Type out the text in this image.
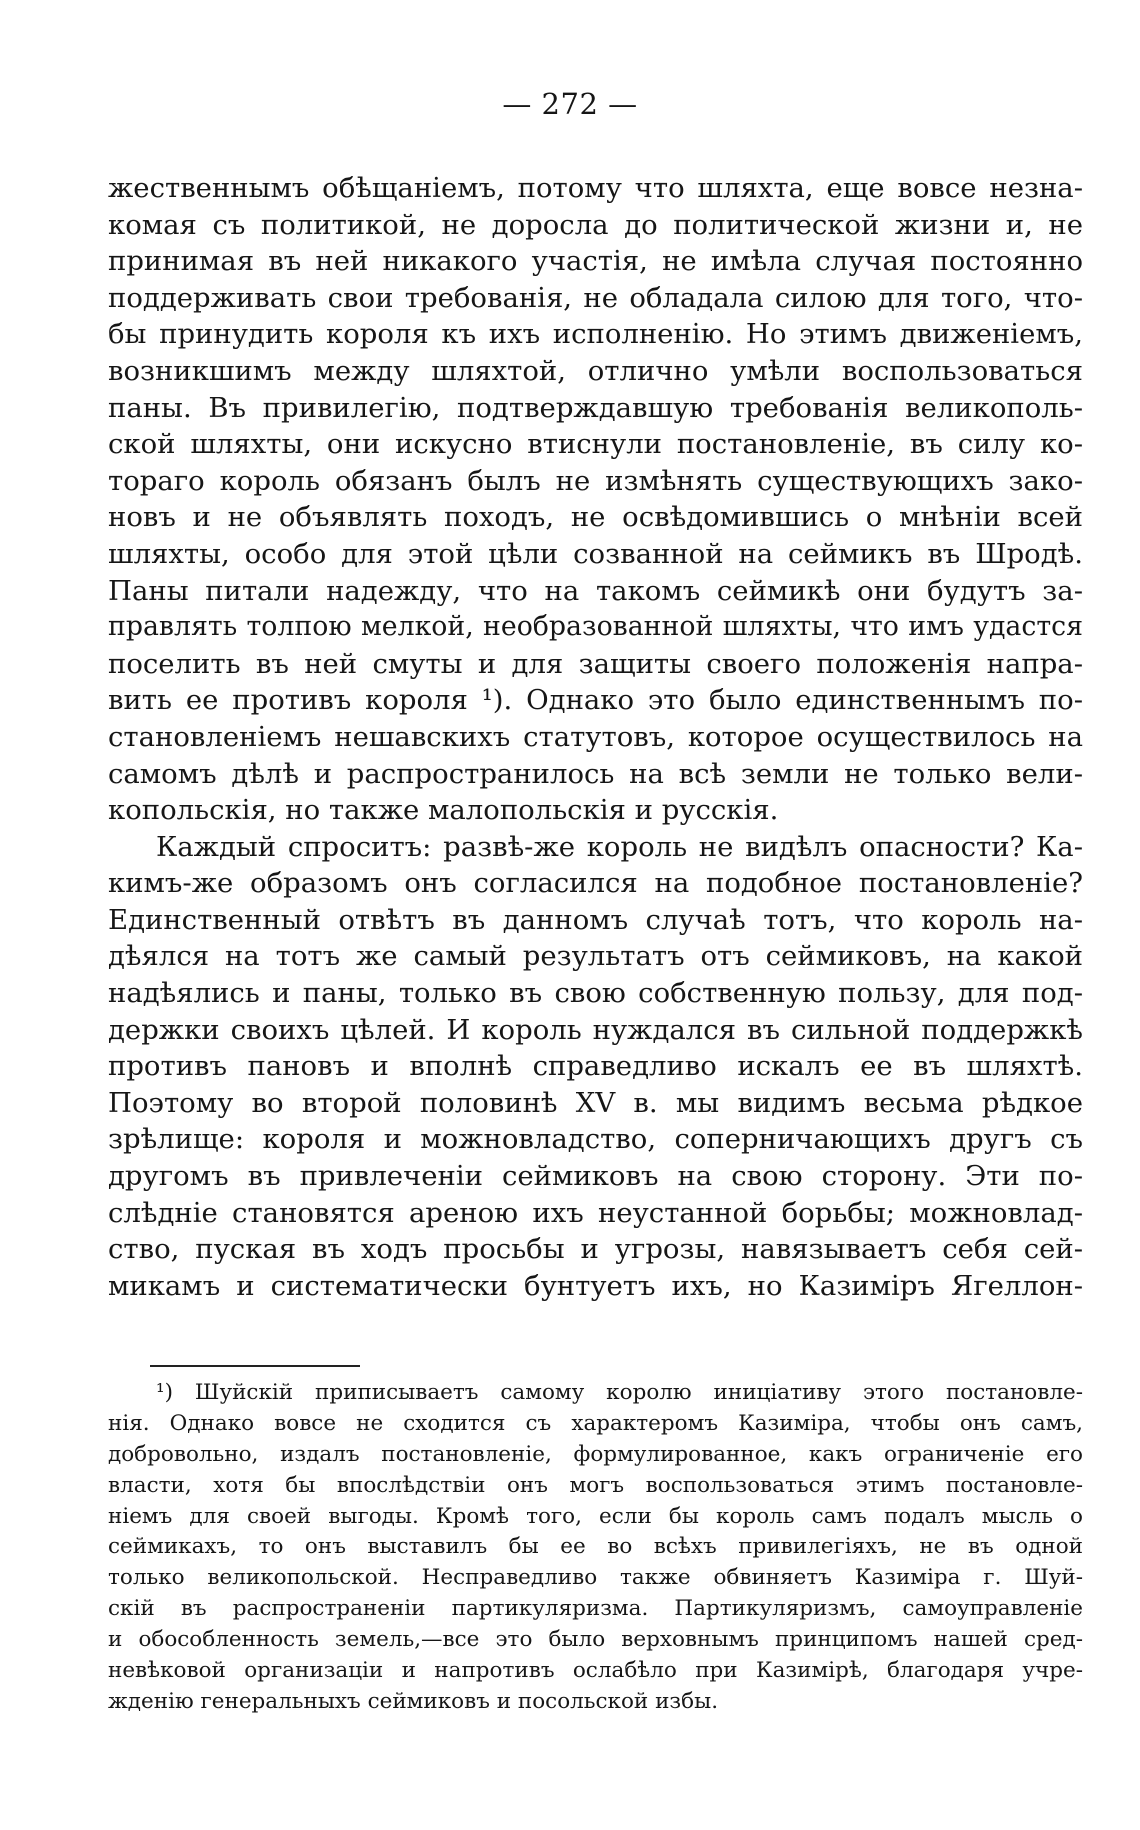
— 272 —
жественнымъ обѣщаніемъ, потому что шляхта, еще вовсе незна-
комая съ политикой, не доросла до политической жизни и, не
принимая въ ней никакого участія, не имѣла случая постоянно
поддерживать свои требованія, не обладала силою для того, что-
бы принудить короля къ ихъ исполненію. Но этимъ движеніемъ,
возникшимъ между шляхтой, отлично умѣли воспользоваться
паны. Въ привилегію, подтверждавшую требованія великополь-
ской шляхты, они искусно втиснули постановленіе, въ силу ко-
тораго король обязанъ былъ не измѣнять существующихъ зако-
новъ и не объявлять походъ, не освѣдомившись о мнѣніи всей
шляхты, особо для этой цѣли созванной на сеймикъ въ Шродѣ.
Паны питали надежду, что на такомъ сеймикѣ они будутъ за-
правлять толпою мелкой, необразованной шляхты, что имъ удастся
поселить въ ней смуты и для защиты своего положенія напра-
вить ее противъ короля ¹). Однако это было единственнымъ по-
становленіемъ нешавскихъ статутовъ, которое осуществилось на
самомъ дѣлѣ и распространилось на всѣ земли не только вели-
копольскія, но также малопольскія и русскія.
Каждый спроситъ: развѣ-же король не видѣлъ опасности? Ка-
кимъ-же образомъ онъ согласился на подобное постановленіе?
Единственный отвѣтъ въ данномъ случаѣ тотъ, что король на-
дѣялся на тотъ же самый результатъ отъ сеймиковъ, на какой
надѣялись и паны, только въ свою собственную пользу, для под-
держки своихъ цѣлей. И король нуждался въ сильной поддержкѣ
противъ пановъ и вполнѣ справедливо искалъ ее въ шляхтѣ.
Поэтому во второй половинѣ XV в. мы видимъ весьма рѣдкое
зрѣлище: короля и можновладство, соперничающихъ другъ съ
другомъ въ привлеченіи сеймиковъ на свою сторону. Эти по-
слѣдніе становятся ареною ихъ неустанной борьбы; можновлад-
ство, пуская въ ходъ просьбы и угрозы, навязываетъ себя сей-
микамъ и систематически бунтуетъ ихъ, но Казиміръ Ягеллон-
¹) Шуйскій приписываетъ самому королю иниціативу этого постановле-
нія. Однако вовсе не сходится съ характеромъ Казиміра, чтобы онъ самъ,
добровольно, издалъ постановленіе, формулированное, какъ ограниченіе его
власти, хотя бы впослѣдствіи онъ могъ воспользоваться этимъ постановле-
ніемъ для своей выгоды. Кромѣ того, если бы король самъ подалъ мысль о
сеймикахъ, то онъ выставилъ бы ее во всѣхъ привилегіяхъ, не въ одной
только великопольской. Несправедливо также обвиняетъ Казиміра г. Шуй-
скій въ распространеніи партикуляризма. Партикуляризмъ, самоуправленіе
и обособленность земель,—все это было верховнымъ принципомъ нашей сред-
невѣковой организаціи и напротивъ ослабѣло при Казимірѣ, благодаря учре-
жденію генеральныхъ сеймиковъ и посольской избы.
